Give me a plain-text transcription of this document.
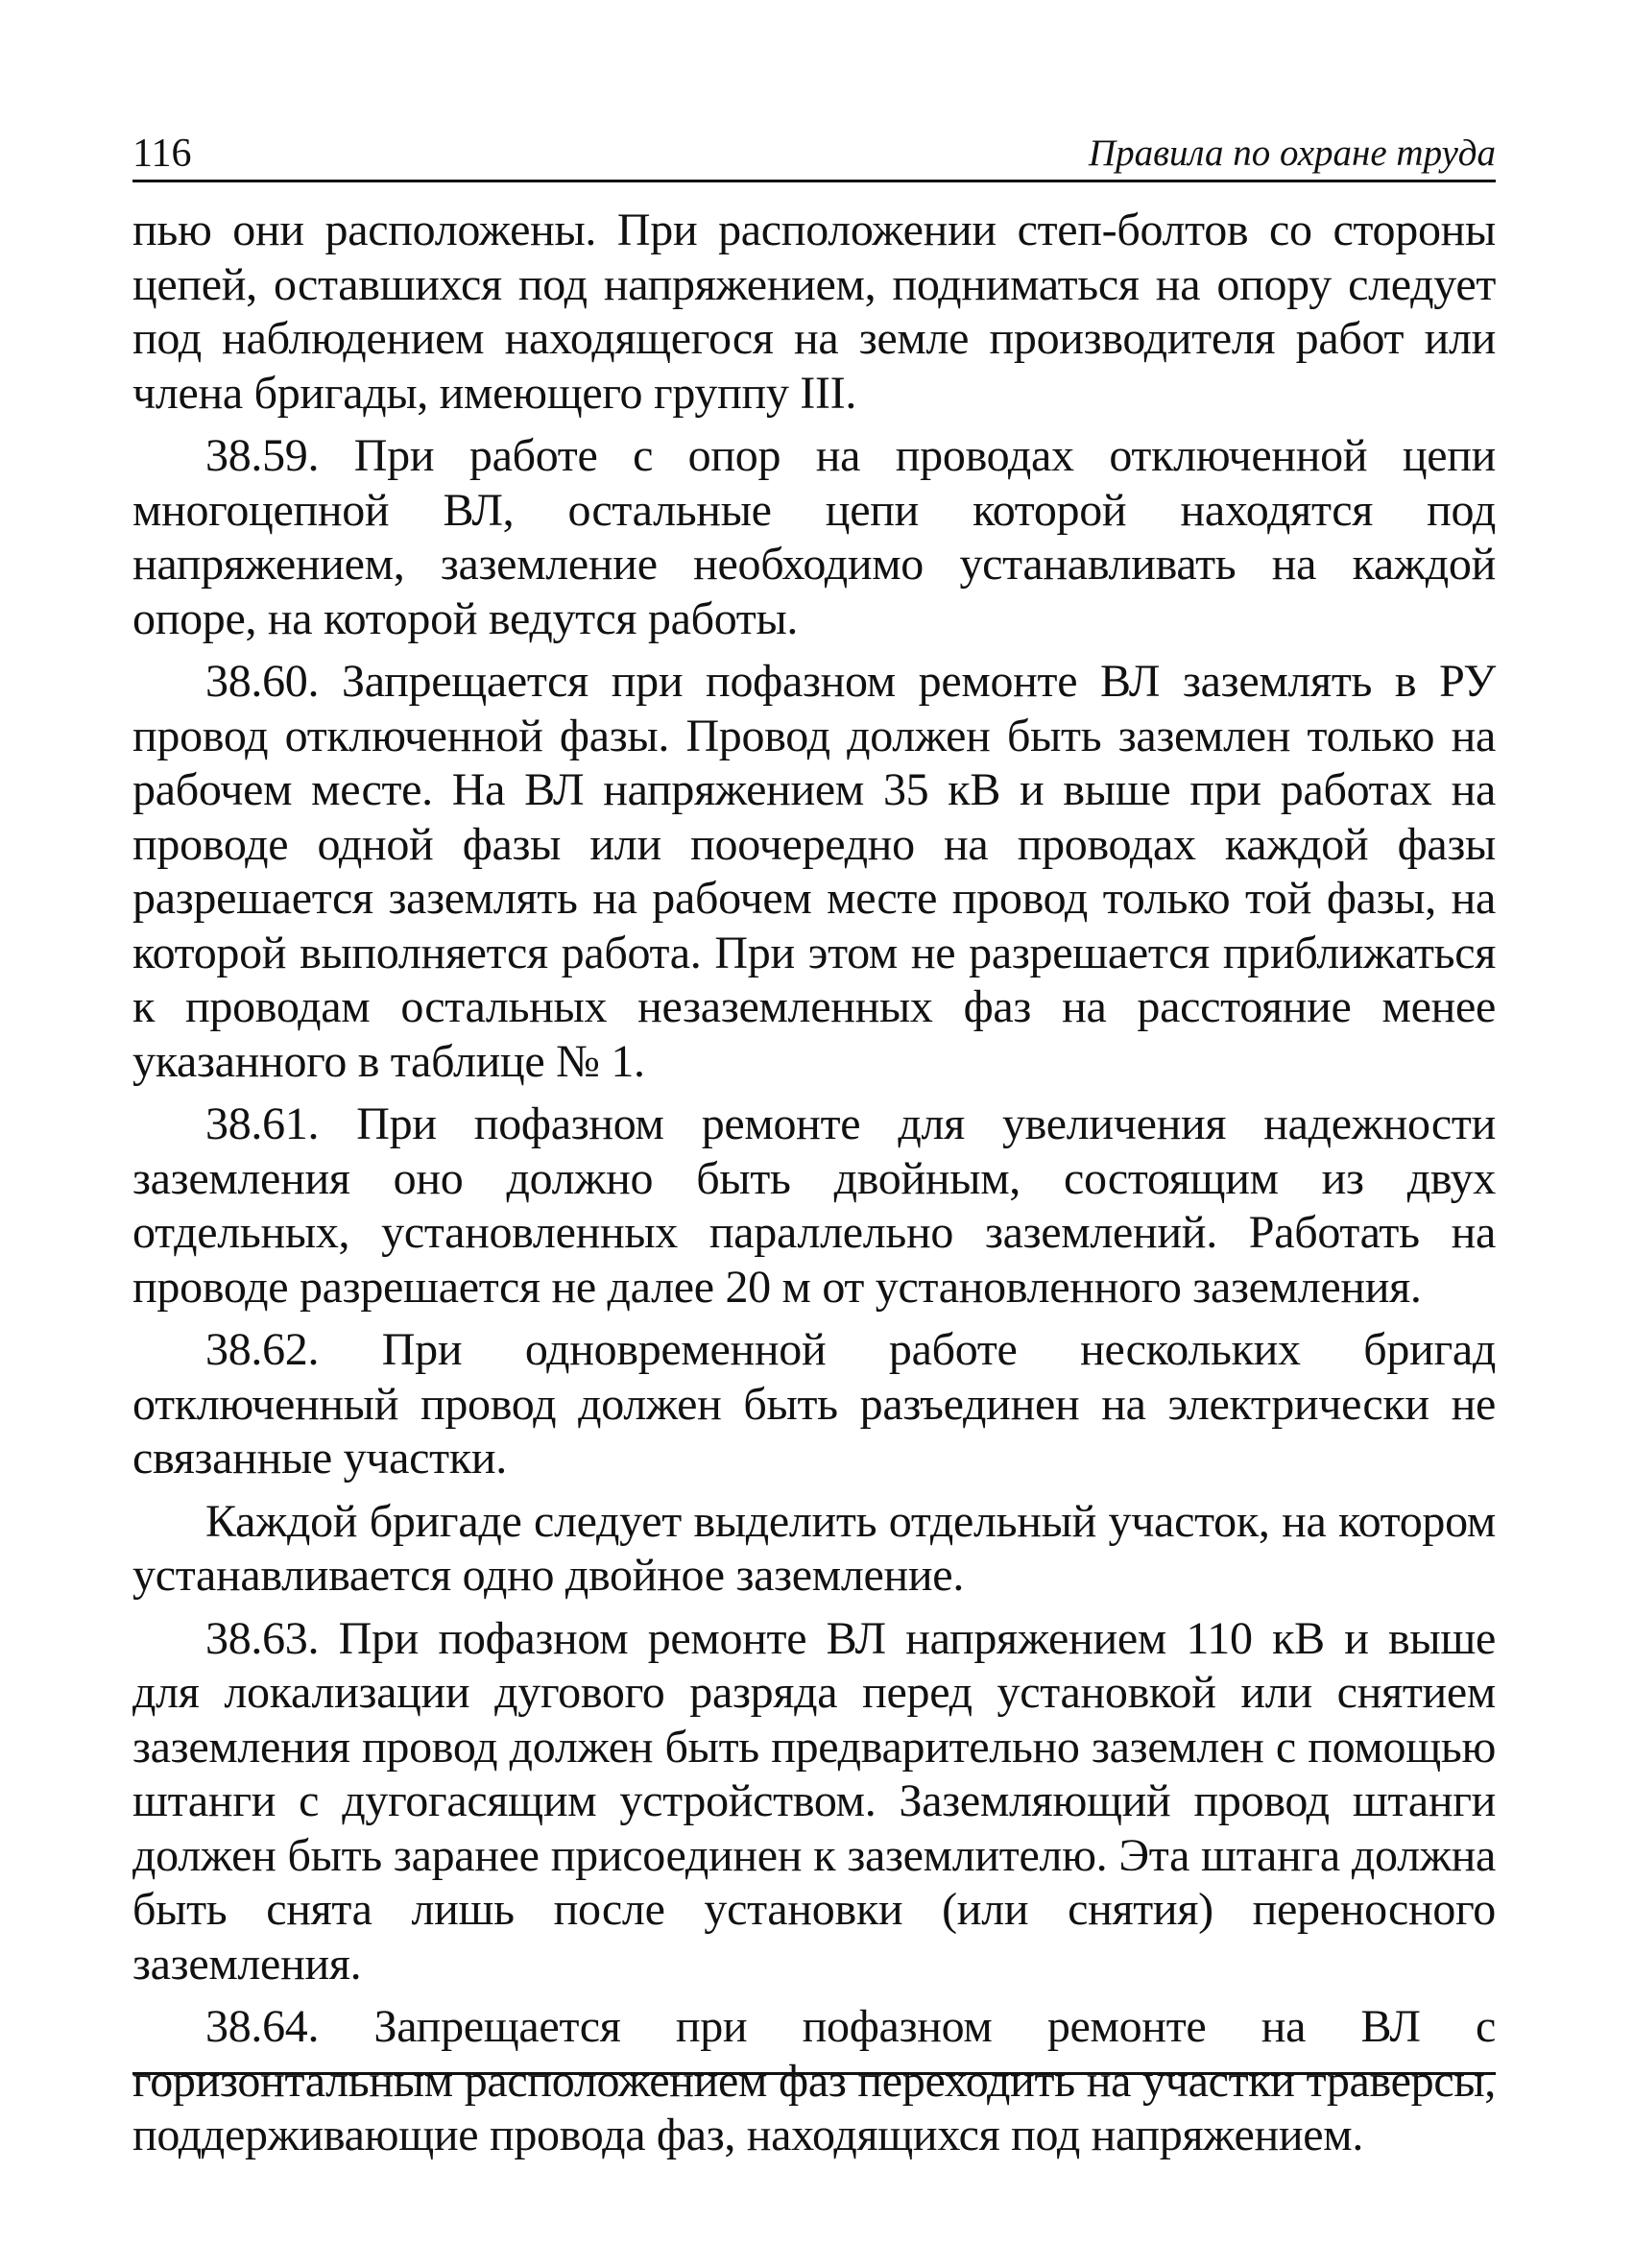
116	Правила по охране труда

пью они расположены. При расположении степ-болтов со стороны цепей, оставшихся под напряжением, подниматься на опору следует под наблюдением находящегося на земле производителя работ или члена бригады, имеющего группу III.

38.59. При работе с опор на проводах отключенной цепи многоцепной ВЛ, остальные цепи которой находятся под напряжением, заземление необходимо устанавливать на каждой опоре, на которой ведутся работы.

38.60. Запрещается при пофазном ремонте ВЛ заземлять в РУ провод отключенной фазы. Провод должен быть заземлен только на рабочем месте. На ВЛ напряжением 35 кВ и выше при работах на проводе одной фазы или поочередно на проводах каждой фазы разрешается заземлять на рабочем месте провод только той фазы, на которой выполняется работа. При этом не разрешается приближаться к проводам остальных незаземленных фаз на расстояние менее указанного в таблице № 1.

38.61. При пофазном ремонте для увеличения надежности заземления оно должно быть двойным, состоящим из двух отдельных, установленных параллельно заземлений. Работать на проводе разрешается не далее 20 м от установленного заземления.

38.62. При одновременной работе нескольких бригад отключенный провод должен быть разъединен на электрически не связанные участки.

Каждой бригаде следует выделить отдельный участок, на котором устанавливается одно двойное заземление.

38.63. При пофазном ремонте ВЛ напряжением 110 кВ и выше для локализации дугового разряда перед установкой или снятием заземления провод должен быть предварительно заземлен с помощью штанги с дугогасящим устройством. Заземляющий провод штанги должен быть заранее присоединен к заземлителю. Эта штанга должна быть снята лишь после установки (или снятия) переносного заземления.

38.64. Запрещается при пофазном ремонте на ВЛ с горизонтальным расположением фаз переходить на участки траверсы, поддерживающие провода фаз, находящихся под напряжением.
